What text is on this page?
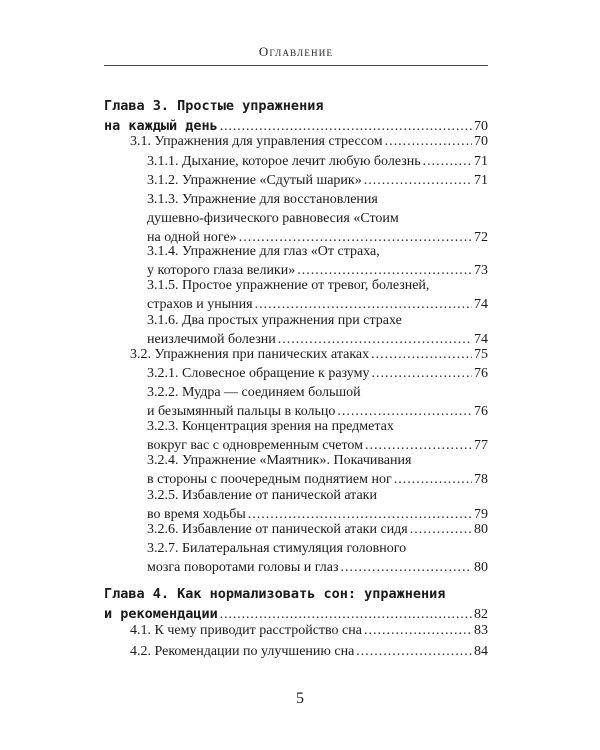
Оглавление
Глава 3. Простые упражнения
на каждый день .....	70
3.1. Упражнения для управления стрессом .....	70
3.1.1. Дыхание, которое лечит любую болезнь .....	71
3.1.2. Упражнение «Сдутый шарик» .....	71
3.1.3. Упражнение для восстановления
душевно-физического равновесия «Стоим
на одной ноге» .....	72
3.1.4. Упражнение для глаз «От страха,
у которого глаза велики» .....	73
3.1.5. Простое упражнение от тревог, болезней,
страхов и уныния .....	74
3.1.6. Два простых упражнения при страхе
неизлечимой болезни .....	74
3.2. Упражнения при панических атаках .....	75
3.2.1. Словесное обращение к разуму .....	76
3.2.2. Мудра — соединяем большой
и безымянный пальцы в кольцо .....	76
3.2.3. Концентрация зрения на предметах
вокруг вас с одновременным счетом .....	77
3.2.4. Упражнение «Маятник». Покачивания
в стороны с поочередным поднятием ног .....	78
3.2.5. Избавление от панической атаки
во время ходьбы .....	79
3.2.6. Избавление от панической атаки сидя .....	80
3.2.7. Билатеральная стимуляция головного
мозга поворотами головы и глаз .....	80
Глава 4. Как нормализовать сон: упражнения
и рекомендации .....	82
4.1. К чему приводит расстройство сна .....	83
4.2. Рекомендации по улучшению сна .....	84
5
